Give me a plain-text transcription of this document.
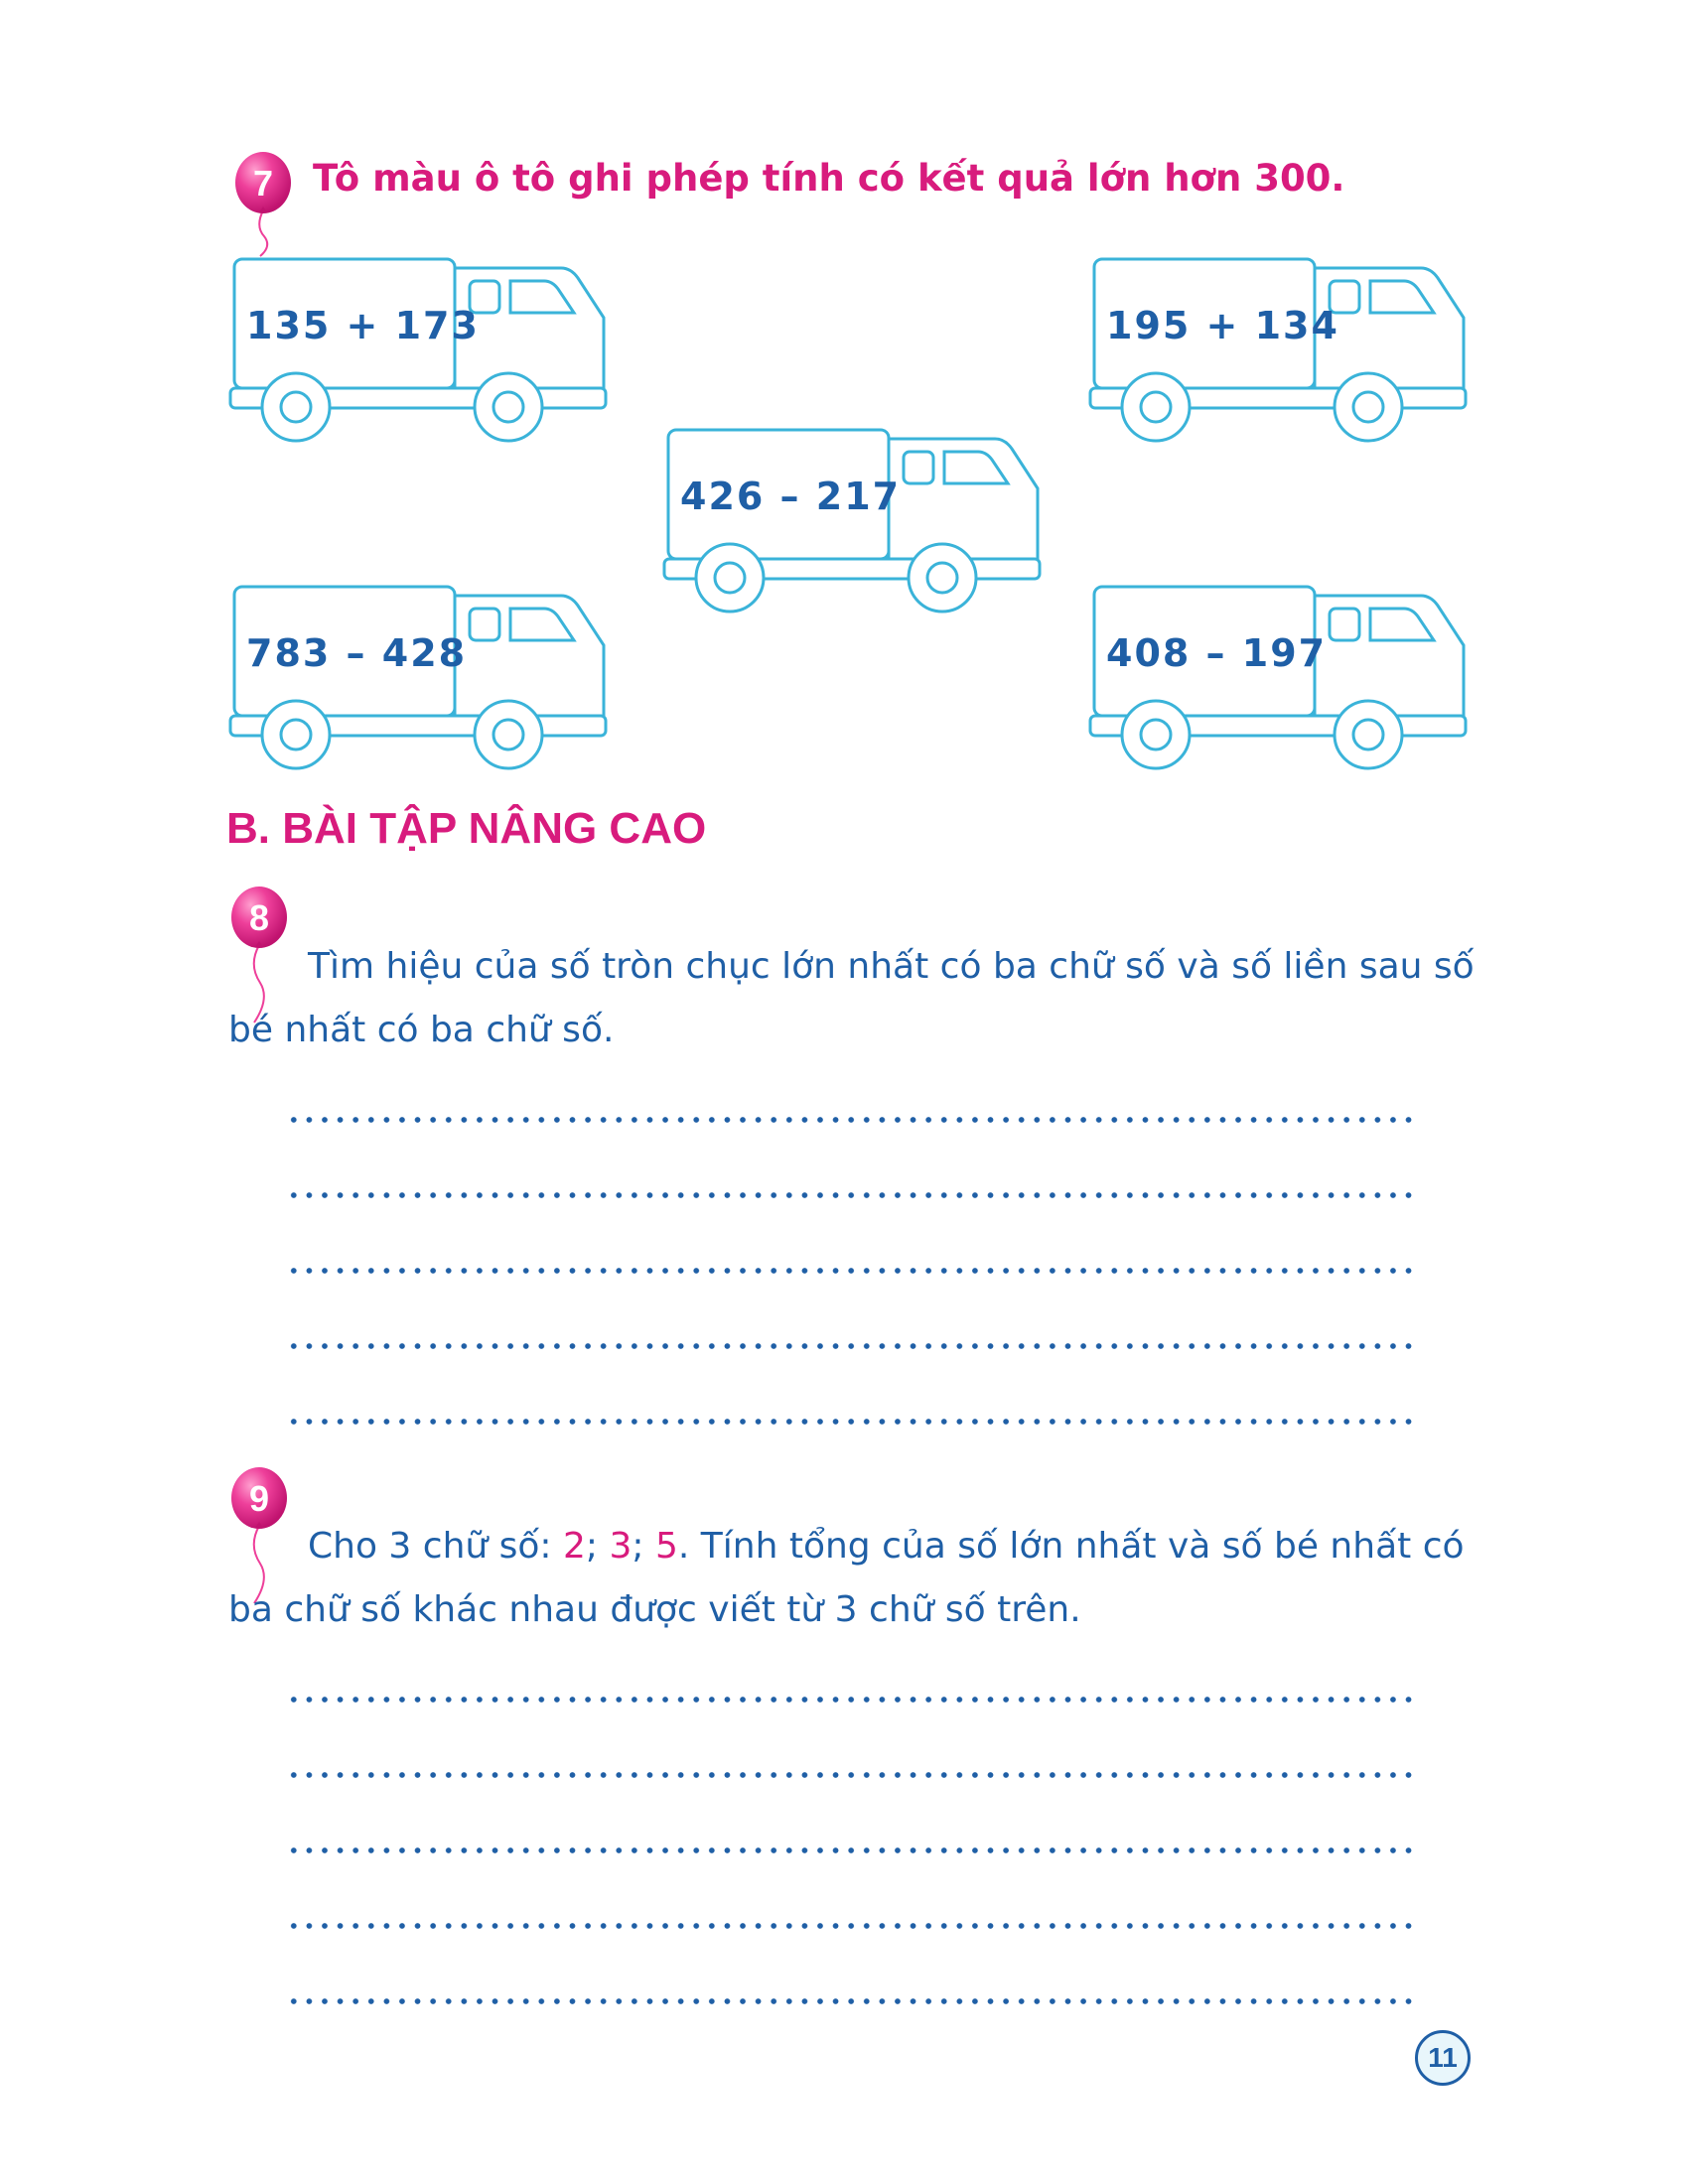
7 Tô màu ô tô ghi phép tính có kết quả lớn hơn 300.
135 + 173	195 + 134
426 – 217
783 – 428	408 – 197
B. BÀI TẬP NÂNG CAO
8
Tìm hiệu của số tròn chục lớn nhất có ba chữ số và số liền sau số bé nhất có ba chữ số.
9
Cho 3 chữ số: 2; 3; 5. Tính tổng của số lớn nhất và số bé nhất có ba chữ số khác nhau được viết từ 3 chữ số trên.
11
